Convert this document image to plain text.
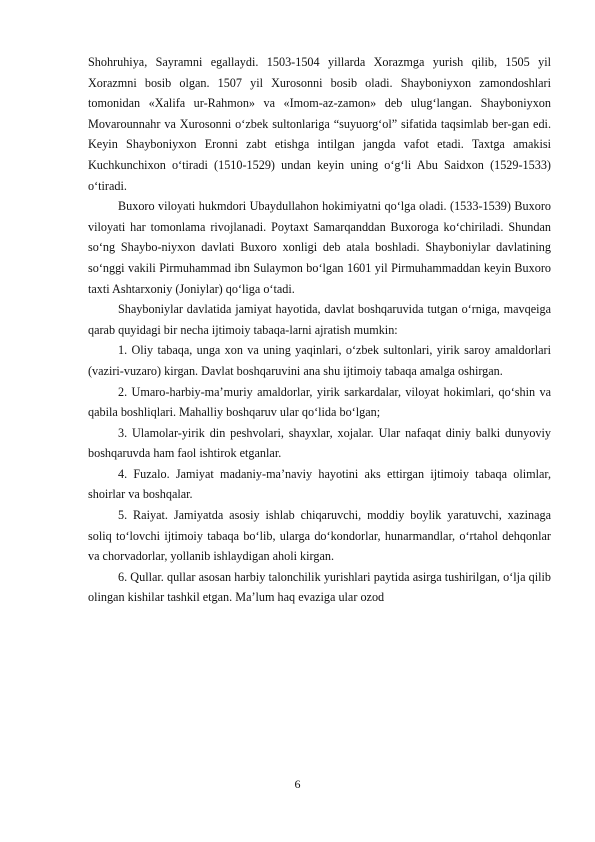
Shohruhiya, Sayramni egallaydi. 1503-1504 yillarda Xorazmga yurish qilib, 1505 yil Xorazmni bosib olgan. 1507 yil Xurosonni bosib oladi. Shayboniyxon zamondoshlari tomonidan «Xalifa ur-Rahmon» va «Imom-az-zamon» deb ulug‘langan. Shayboniyxon Movarounnahr va Xurosonni o‘zbek sultonlariga “suyuorg‘ol” sifatida taqsimlab ber-gan edi. Keyin Shayboniyxon Eronni zabt etishga intilgan jangda vafot etadi. Taxtga amakisi Kuchkunchixon o‘tiradi (1510-1529) undan keyin uning o‘g‘li Abu Saidxon (1529-1533) o‘tiradi.

Buxoro viloyati hukmdori Ubaydullahon hokimiyatni qo‘lga oladi. (1533-1539) Buxoro viloyati har tomonlama rivojlanadi. Poytaxt Samarqanddan Buxoroga ko‘chiriladi. Shundan so‘ng Shaybo-niyxon davlati Buxoro xonligi deb atala boshladi. Shayboniylar davlatining so‘nggi vakili Pirmuhammad ibn Sulaymon bo‘lgan 1601 yil Pirmuhammaddan keyin Buxoro taxti Ashtarxoniy (Joniylar) qo‘liga o‘tadi.

Shayboniylar davlatida jamiyat hayotida, davlat boshqaruvida tutgan o‘rniga, mavqeiga qarab quyidagi bir necha ijtimoiy tabaqa-larni ajratish mumkin:

1. Oliy tabaqa, unga xon va uning yaqinlari, o‘zbek sultonlari, yirik saroy amaldorlari (vaziri-vuzaro) kirgan. Davlat boshqaruvini ana shu ijtimoiy tabaqa amalga oshirgan.

2. Umaro-harbiy-ma’muriy amaldorlar, yirik sarkardalar, viloyat hokimlari, qo‘shin va qabila boshliqlari. Mahalliy boshqaruv ular qo‘lida bo‘lgan;

3. Ulamolar-yirik din peshvolari, shayxlar, xojalar. Ular nafaqat diniy balki dunyoviy boshqaruvda ham faol ishtirok etganlar.

4. Fuzalo. Jamiyat madaniy-ma’naviy hayotini aks ettirgan ijtimoiy tabaqa olimlar, shoirlar va boshqalar.

5. Raiyat. Jamiyatda asosiy ishlab chiqaruvchi, moddiy boylik yaratuvchi, xazinaga soliq to‘lovchi ijtimoiy tabaqa bo‘lib, ularga do‘kondorlar, hunarmandlar, o‘rtahol dehqonlar va chorvadorlar, yollanib ishlaydigan aholi kirgan.

6. Qullar. qullar asosan harbiy talonchilik yurishlari paytida asirga tushirilgan, o‘lja qilib olingan kishilar tashkil etgan. Ma’lum haq evaziga ular ozod

6
